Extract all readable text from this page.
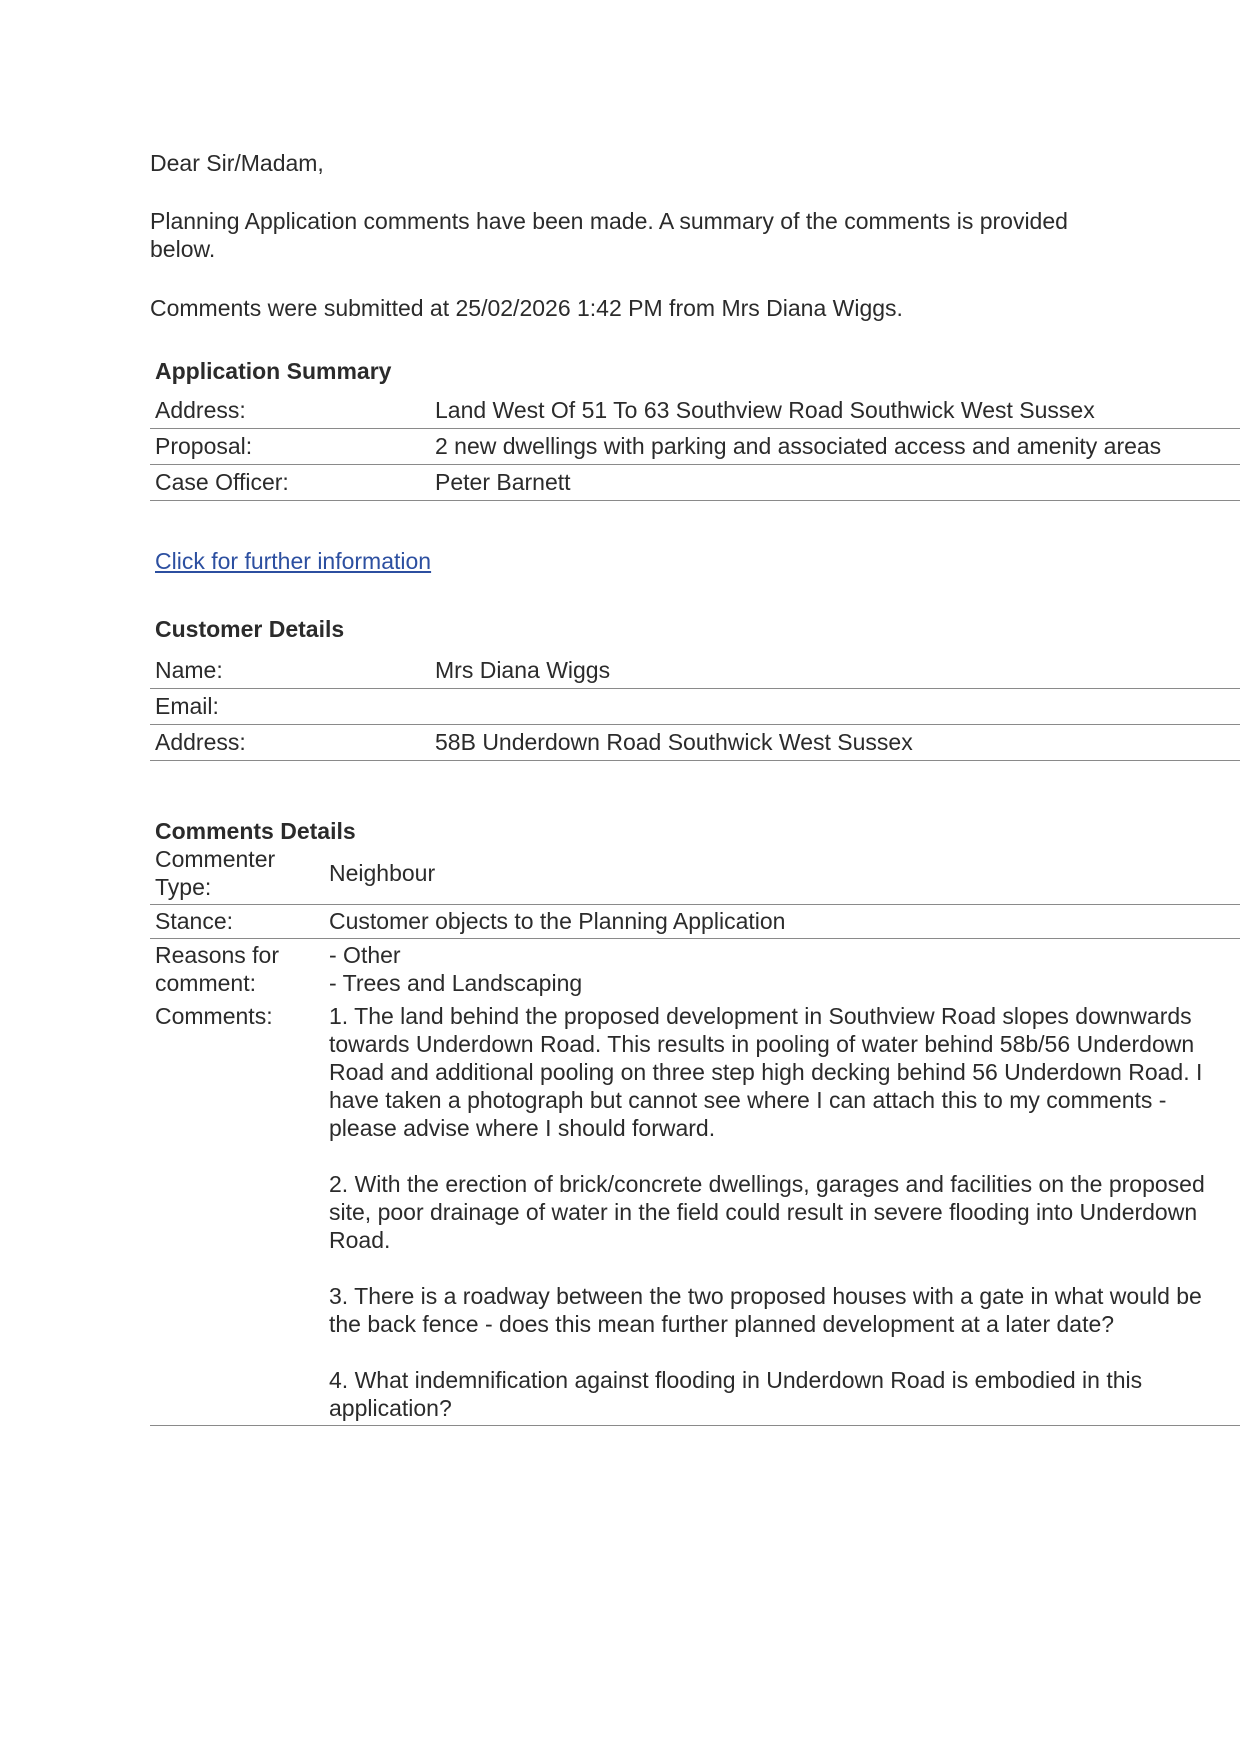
Dear Sir/Madam,

Planning Application comments have been made. A summary of the comments is provided below.

Comments were submitted at 25/02/2026 1:42 PM from Mrs Diana Wiggs.

Application Summary
Address:	Land West Of 51 To 63 Southview Road Southwick West Sussex
Proposal:	2 new dwellings with parking and associated access and amenity areas
Case Officer:	Peter Barnett
Click for further information
Customer Details
Name:	Mrs Diana Wiggs
Email:	
Address:	58B Underdown Road Southwick West Sussex
Comments Details
Commenter Type:	Neighbour
Stance:	Customer objects to the Planning Application
Reasons for comment:	- Other
- Trees and Landscaping

Comments:	1. The land behind the proposed development in Southview Road slopes downwards towards Underdown Road. This results in pooling of water behind 58b/56 Underdown Road and additional pooling on three step high decking behind 56 Underdown Road. I have taken a photograph but cannot see where I can attach this to my comments - please advise where I should forward.
2. With the erection of brick/concrete dwellings, garages and facilities on the proposed site, poor drainage of water in the field could result in severe flooding into Underdown Road.
3. There is a roadway between the two proposed houses with a gate in what would be the back fence - does this mean further planned development at a later date?
4. What indemnification against flooding in Underdown Road is embodied in this application?
